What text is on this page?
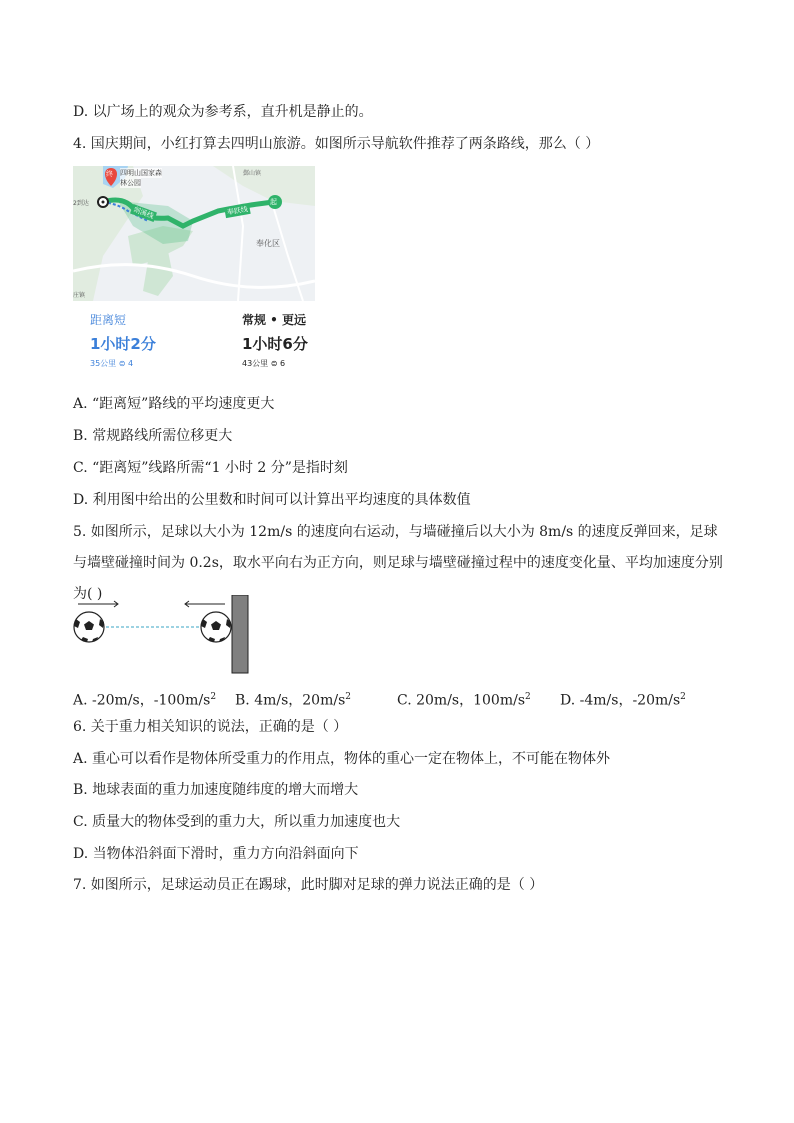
D. 以广场上的观众为参考系，直升机是静止的。
4. 国庆期间，小红打算去四明山旅游。如图所示导航软件推荐了两条路线，那么（ ）
终 四明山国家森
林公园
起
剡溪线	奉跃线
鄞山镇
奉化区
2到达
庄镇
距离短
1小时2分
35公里 ⊜ 4
常规 • 更远
1小时6分
43公里 ⊜ 6
A. “距离短”路线的平均速度更大
B. 常规路线所需位移更大
C. “距离短”线路所需“1 小时 2 分”是指时刻
D. 利用图中给出的公里数和时间可以计算出平均速度的具体数值
5. 如图所示，足球以大小为 12m/s 的速度向右运动，与墙碰撞后以大小为 8m/s 的速度反弹回来，足球与墙壁碰撞时间为 0.2s，取水平向右为正方向，则足球与墙壁碰撞过程中的速度变化量、平均加速度分别为( )
A. -20m/s，$-100m/s^2$ B. 4m/s，$20m/s^2$	C. 20m/s，$100m/s^2$ D. -4m/s，$-20m/s^2$
6. 关于重力相关知识的说法，正确的是（ ）
A. 重心可以看作是物体所受重力的作用点，物体的重心一定在物体上，不可能在物体外
B. 地球表面的重力加速度随纬度的增大而增大
C. 质量大的物体受到的重力大，所以重力加速度也大
D. 当物体沿斜面下滑时，重力方向沿斜面向下
7. 如图所示，足球运动员正在踢球，此时脚对足球的弹力说法正确的是（ ）
